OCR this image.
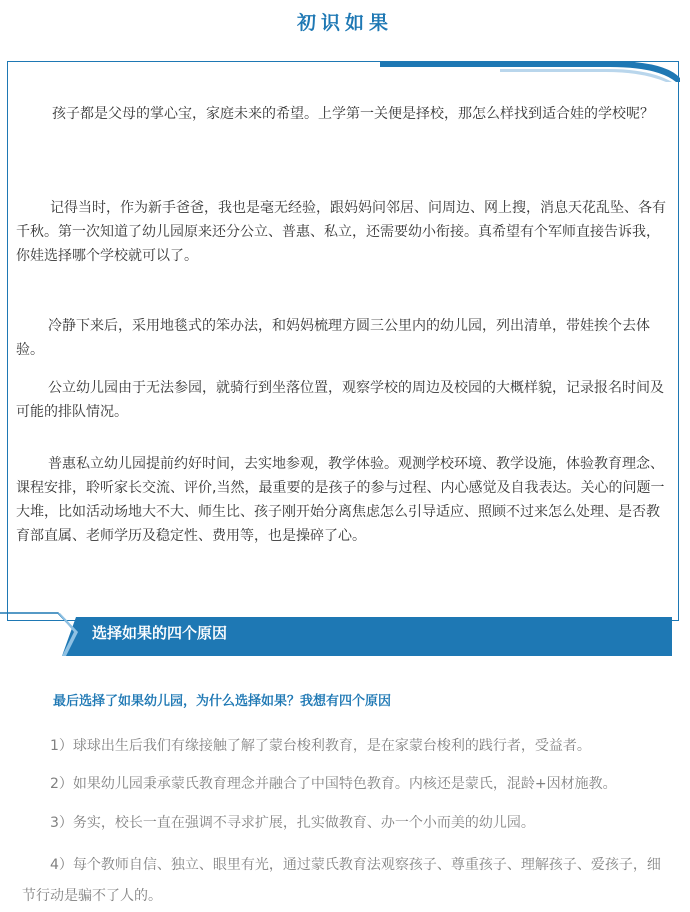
初识如果

孩子都是父母的掌心宝，家庭未来的希望。上学第一关便是择校，那怎么样找到适合娃的学校呢？

记得当时，作为新手爸爸，我也是毫无经验，跟妈妈问邻居、问周边、网上搜，消息天花乱坠、各有千秋。第一次知道了幼儿园原来还分公立、普惠、私立，还需要幼小衔接。真希望有个军师直接告诉我，你娃选择哪个学校就可以了。

冷静下来后，采用地毯式的笨办法，和妈妈梳理方圆三公里内的幼儿园，列出清单，带娃挨个去体验。

公立幼儿园由于无法参园，就骑行到坐落位置，观察学校的周边及校园的大概样貌，记录报名时间及可能的排队情况。

普惠私立幼儿园提前约好时间，去实地参观，教学体验。观测学校环境、教学设施，体验教育理念、课程安排，聆听家长交流、评价,当然，最重要的是孩子的参与过程、内心感觉及自我表达。关心的问题一大堆，比如活动场地大不大、师生比、孩子刚开始分离焦虑怎么引导适应、照顾不过来怎么处理、是否教育部直属、老师学历及稳定性、费用等，也是操碎了心。

选择如果的四个原因
最后选择了如果幼儿园，为什么选择如果？我想有四个原因

1）球球出生后我们有缘接触了解了蒙台梭利教育，是在家蒙台梭利的践行者，受益者。

2）如果幼儿园秉承蒙氏教育理念并融合了中国特色教育。内核还是蒙氏，混龄+因材施教。

3）务实，校长一直在强调不寻求扩展，扎实做教育、办一个小而美的幼儿园。

4）每个教师自信、独立、眼里有光，通过蒙氏教育法观察孩子、尊重孩子、理解孩子、爱孩子，细节行动是骗不了人的。
